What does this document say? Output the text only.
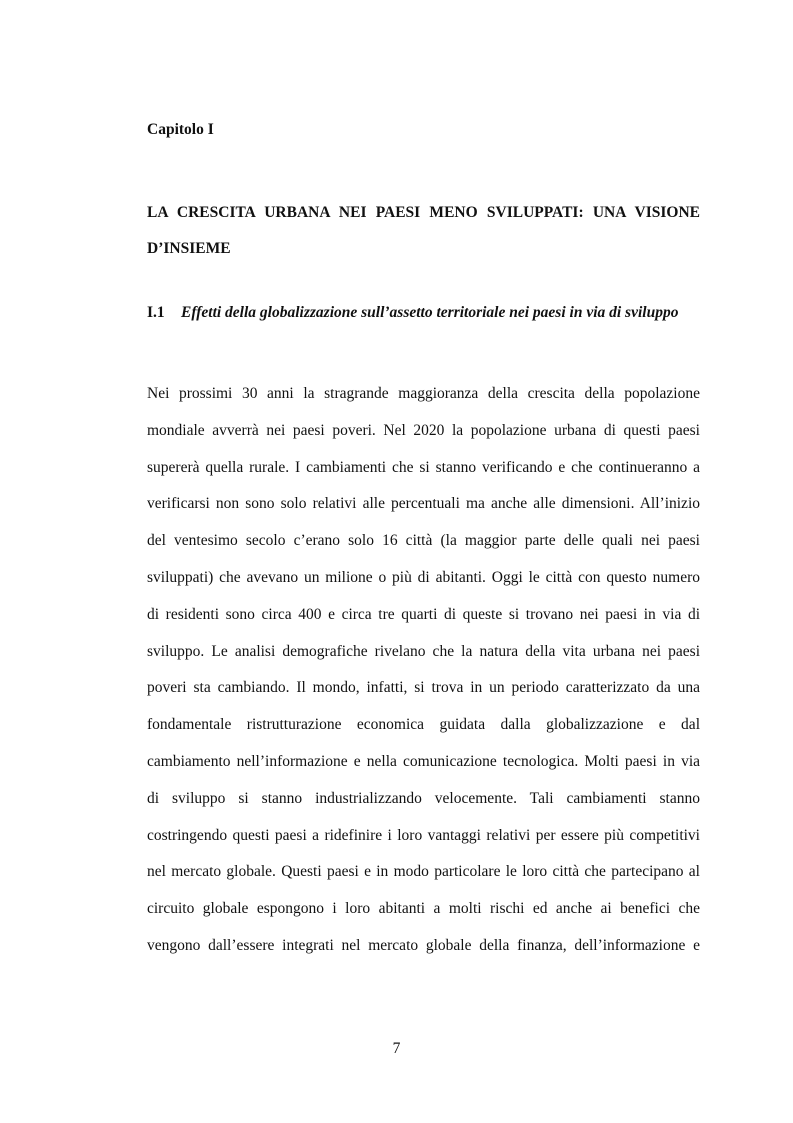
Capitolo I
LA CRESCITA URBANA NEI PAESI MENO SVILUPPATI: UNA VISIONE
D’INSIEME
I.1 Effetti della globalizzazione sull’assetto territoriale nei paesi in via di sviluppo
Nei prossimi 30 anni la stragrande maggioranza della crescita della popolazione
mondiale avverrà nei paesi poveri. Nel 2020 la popolazione urbana di questi paesi
supererà quella rurale. I cambiamenti che si stanno verificando e che continueranno a
verificarsi non sono solo relativi alle percentuali ma anche alle dimensioni. All’inizio
del ventesimo secolo c’erano solo 16 città (la maggior parte delle quali nei paesi
sviluppati) che avevano un milione o più di abitanti. Oggi le città con questo numero
di residenti sono circa 400 e circa tre quarti di queste si trovano nei paesi in via di
sviluppo. Le analisi demografiche rivelano che la natura della vita urbana nei paesi
poveri sta cambiando. Il mondo, infatti, si trova in un periodo caratterizzato da una
fondamentale ristrutturazione economica guidata dalla globalizzazione e dal
cambiamento nell’informazione e nella comunicazione tecnologica. Molti paesi in via
di sviluppo si stanno industrializzando velocemente. Tali cambiamenti stanno
costringendo questi paesi a ridefinire i loro vantaggi relativi per essere più competitivi
nel mercato globale. Questi paesi e in modo particolare le loro città che partecipano al
circuito globale espongono i loro abitanti a molti rischi ed anche ai benefici che
vengono dall’essere integrati nel mercato globale della finanza, dell’informazione e
7
